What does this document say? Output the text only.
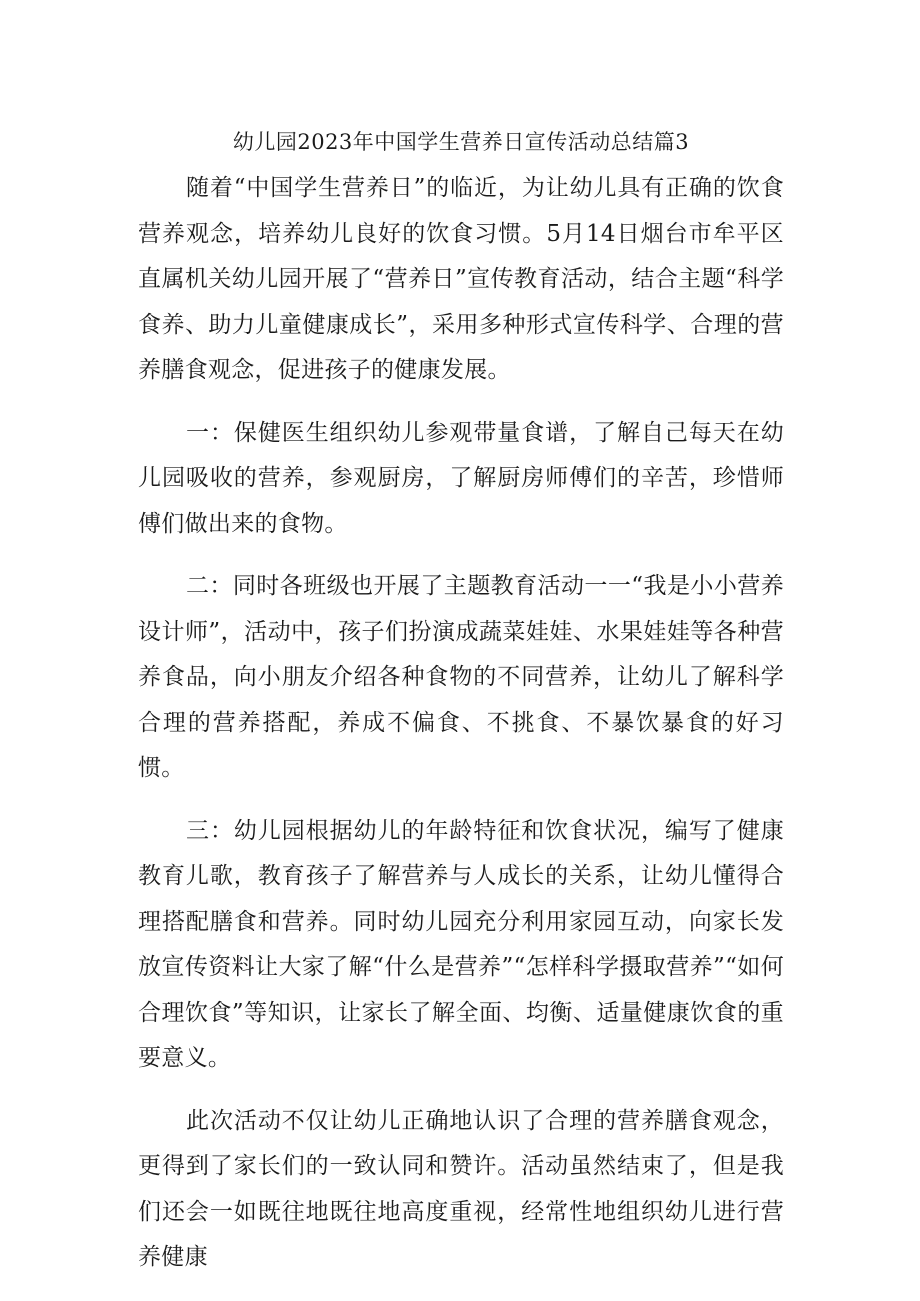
幼儿园2023年中国学生营养日宣传活动总结篇3

随着“中国学生营养日”的临近，为让幼儿具有正确的饮食营养观念，培养幼儿良好的饮食习惯。5月14日烟台市牟平区直属机关幼儿园开展了“营养日”宣传教育活动，结合主题“科学食养、助力儿童健康成长”，采用多种形式宣传科学、合理的营养膳食观念，促进孩子的健康发展。

一：保健医生组织幼儿参观带量食谱，了解自己每天在幼儿园吸收的营养，参观厨房，了解厨房师傅们的辛苦，珍惜师傅们做出来的食物。

二：同时各班级也开展了主题教育活动一一“我是小小营养设计师”，活动中，孩子们扮演成蔬菜娃娃、水果娃娃等各种营养食品，向小朋友介绍各种食物的不同营养，让幼儿了解科学合理的营养搭配，养成不偏食、不挑食、不暴饮暴食的好习惯。

三：幼儿园根据幼儿的年龄特征和饮食状况，编写了健康教育儿歌，教育孩子了解营养与人成长的关系，让幼儿懂得合理搭配膳食和营养。同时幼儿园充分利用家园互动，向家长发放宣传资料让大家了解“什么是营养”“怎样科学摄取营养”“如何合理饮食”等知识，让家长了解全面、均衡、适量健康饮食的重要意义。

此次活动不仅让幼儿正确地认识了合理的营养膳食观念，更得到了家长们的一致认同和赞许。活动虽然结束了，但是我们还会一如既往地既往地高度重视，经常性地组织幼儿进行营养健康
